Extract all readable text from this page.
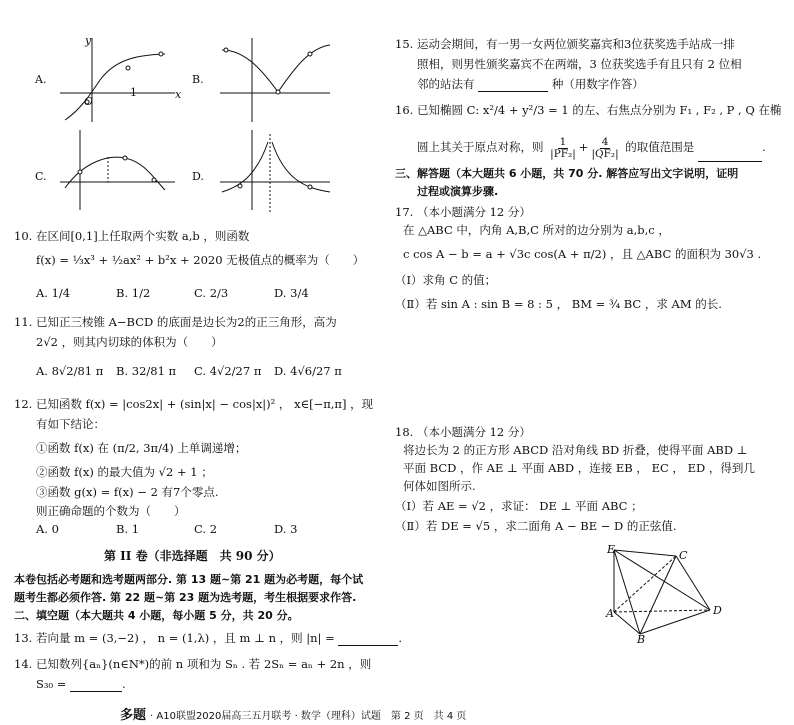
A.	B.
C.	D.
y
x
O
1
10. 在区间[0,1]上任取两个实数 a,b ，则函数
f(x) = ⅓x³ + ½ax² + b²x + 2020 无极值点的概率为（　　）
A. 1/4	B. 1/2	C. 2/3	D. 3/4
11. 已知正三棱锥 A−BCD 的底面是边长为2的正三角形，高为
2√2 ，则其内切球的体积为（　　）
A. 8√2/81 π B. 32/81 π C. 4√2/27 π D. 4√6/27 π
12. 已知函数 f(x) = |cos2x| + (sin|x| − cos|x|)² ， x∈[−π,π] ，现
有如下结论：
①函数 f(x) 在 (π/2, 3π/4) 上单调递增；
②函数 f(x) 的最大值为 √2 + 1 ；
③函数 g(x) = f(x) − 2 有7个零点.
则正确命题的个数为（　　）
A. 0	B. 1	C. 2	D. 3
第 II 卷（非选择题　共 90 分）
本卷包括必考题和选考题两部分. 第 13 题~第 21 题为必考题，每个试
题考生都必须作答. 第 22 题~第 23 题为选考题，考生根据要求作答.
二、填空题（本大题共 4 小题，每小题 5 分，共 20 分。
13. 若向量 m = (3,−2) ， n = (1,λ) ，且 m ⊥ n ，则 |n| =	.
14. 已知数列{aₙ}(n∈N*)的前 n 项和为 Sₙ . 若 2Sₙ = aₙ + 2n ，则
S₃₀ =	.
15. 运动会期间，有一男一女两位颁奖嘉宾和3位获奖选手站成一排
照相，则男性颁奖嘉宾不在两端，3 位获奖选手有且只有 2 位相
邻的站法有	种（用数字作答）
16. 已知椭圆 C: x²/4 + y²/3 = 1 的左、右焦点分别为 F₁ , F₂ , P , Q 在椭
圆上其关于原点对称，则 $\frac{1}{\text{|PF₂|}} + \frac{4}{\text{|QF₂|}}$ 的取值范围是	.
三、解答题（本大题共 6 小题，共 70 分. 解答应写出文字说明，证明
过程或演算步骤.
17. （本小题满分 12 分）
在 △ABC 中，内角 A,B,C 所对的边分别为 a,b,c ，
c cos A − b = a + √3c cos(A + π/2) ，且 △ABC 的面积为 30√3 .
（Ⅰ）求角 C 的值；
（Ⅱ）若 sin A : sin B = 8 : 5 ， BM = ¾ BC ，求 AM 的长.
18. （本小题满分 12 分）
将边长为 2 的正方形 ABCD 沿对角线 BD 折叠，使得平面 ABD ⊥
平面 BCD ，作 AE ⊥ 平面 ABD ，连接 EB ， EC ， ED ，得到几
何体如图所示.
（Ⅰ）若 AE = √2 ，求证： DE ⊥ 平面 ABC ；
（Ⅱ）若 DE = √5 ，求二面角 A − BE − D 的正弦值.
E	C
A	D
B
多题 · A10联盟2020届高三五月联考 · 数学（理科）试题　第 2 页　共 4 页
